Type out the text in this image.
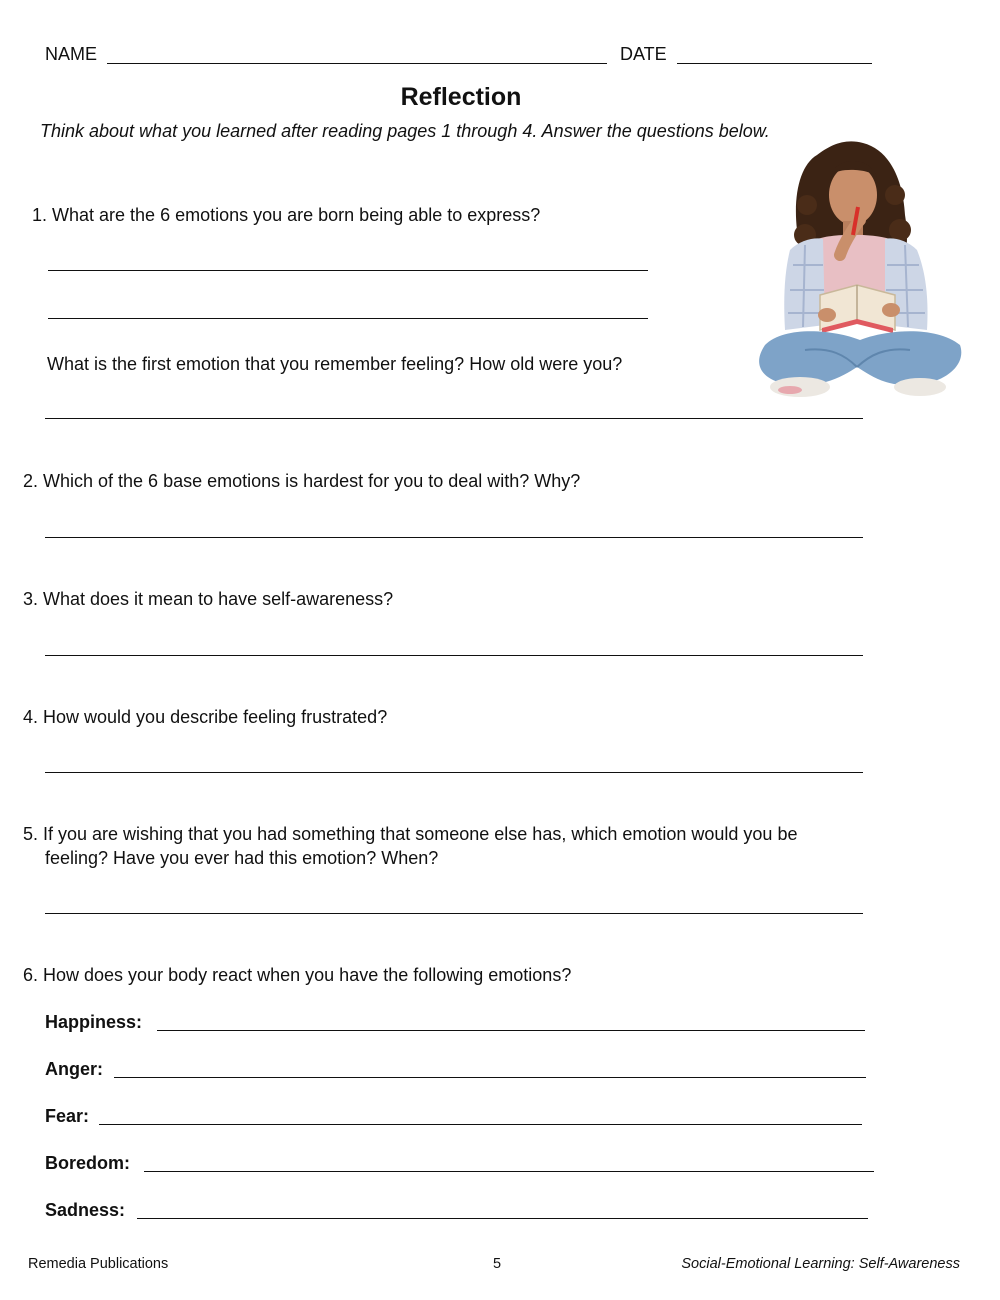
NAME	DATE
Reflection
Think about what you learned after reading pages 1 through 4. Answer the questions below.
1. What are the 6 emotions you are born being able to express?
What is the first emotion that you remember feeling? How old were you?
2. Which of the 6 base emotions is hardest for you to deal with? Why?
3. What does it mean to have self-awareness?
4. How would you describe feeling frustrated?
5. If you are wishing that you had something that someone else has, which emotion would you be
feeling? Have you ever had this emotion? When?
6. How does your body react when you have the following emotions?
Happiness:
Anger:
Fear:
Boredom:
Sadness:
Remedia Publications	5	Social-Emotional Learning: Self-Awareness
